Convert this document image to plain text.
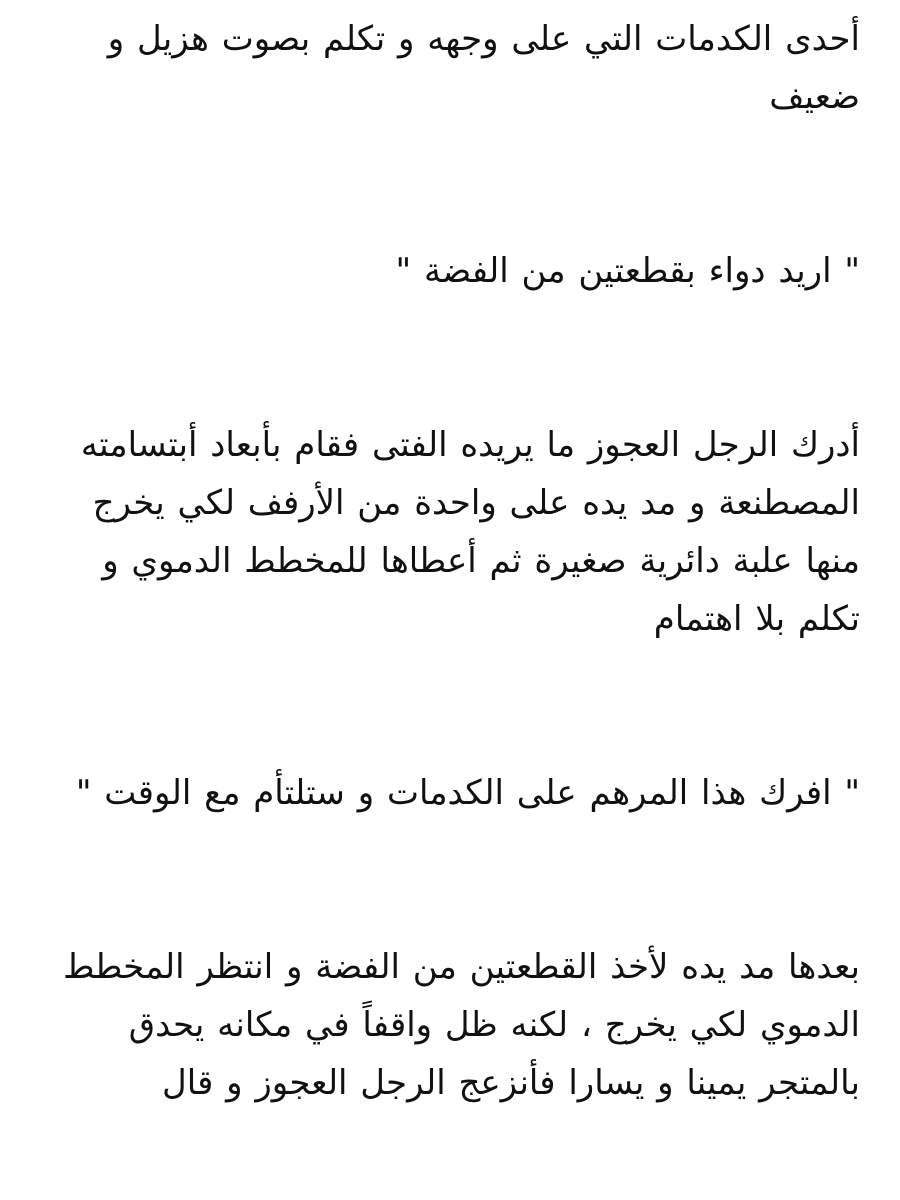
أحدى الكدمات التي على وجهه و تكلم بصوت هزيل و ضعيف

" اريد دواء بقطعتين من الفضة "

أدرك الرجل العجوز ما يريده الفتى فقام بأبعاد أبتسامته المصطنعة و مد يده على واحدة من الأرفف لكي يخرج منها علبة دائرية صغيرة ثم أعطاها للمخطط الدموي و تكلم بلا اهتمام

" افرك هذا المرهم على الكدمات و ستلتأم مع الوقت "

بعدها مد يده لأخذ القطعتين من الفضة و انتظر المخطط الدموي لكي يخرج ، لكنه ظل واقفاً في مكانه يحدق بالمتجر يمينا و يسارا فأنزعج الرجل العجوز و قال
